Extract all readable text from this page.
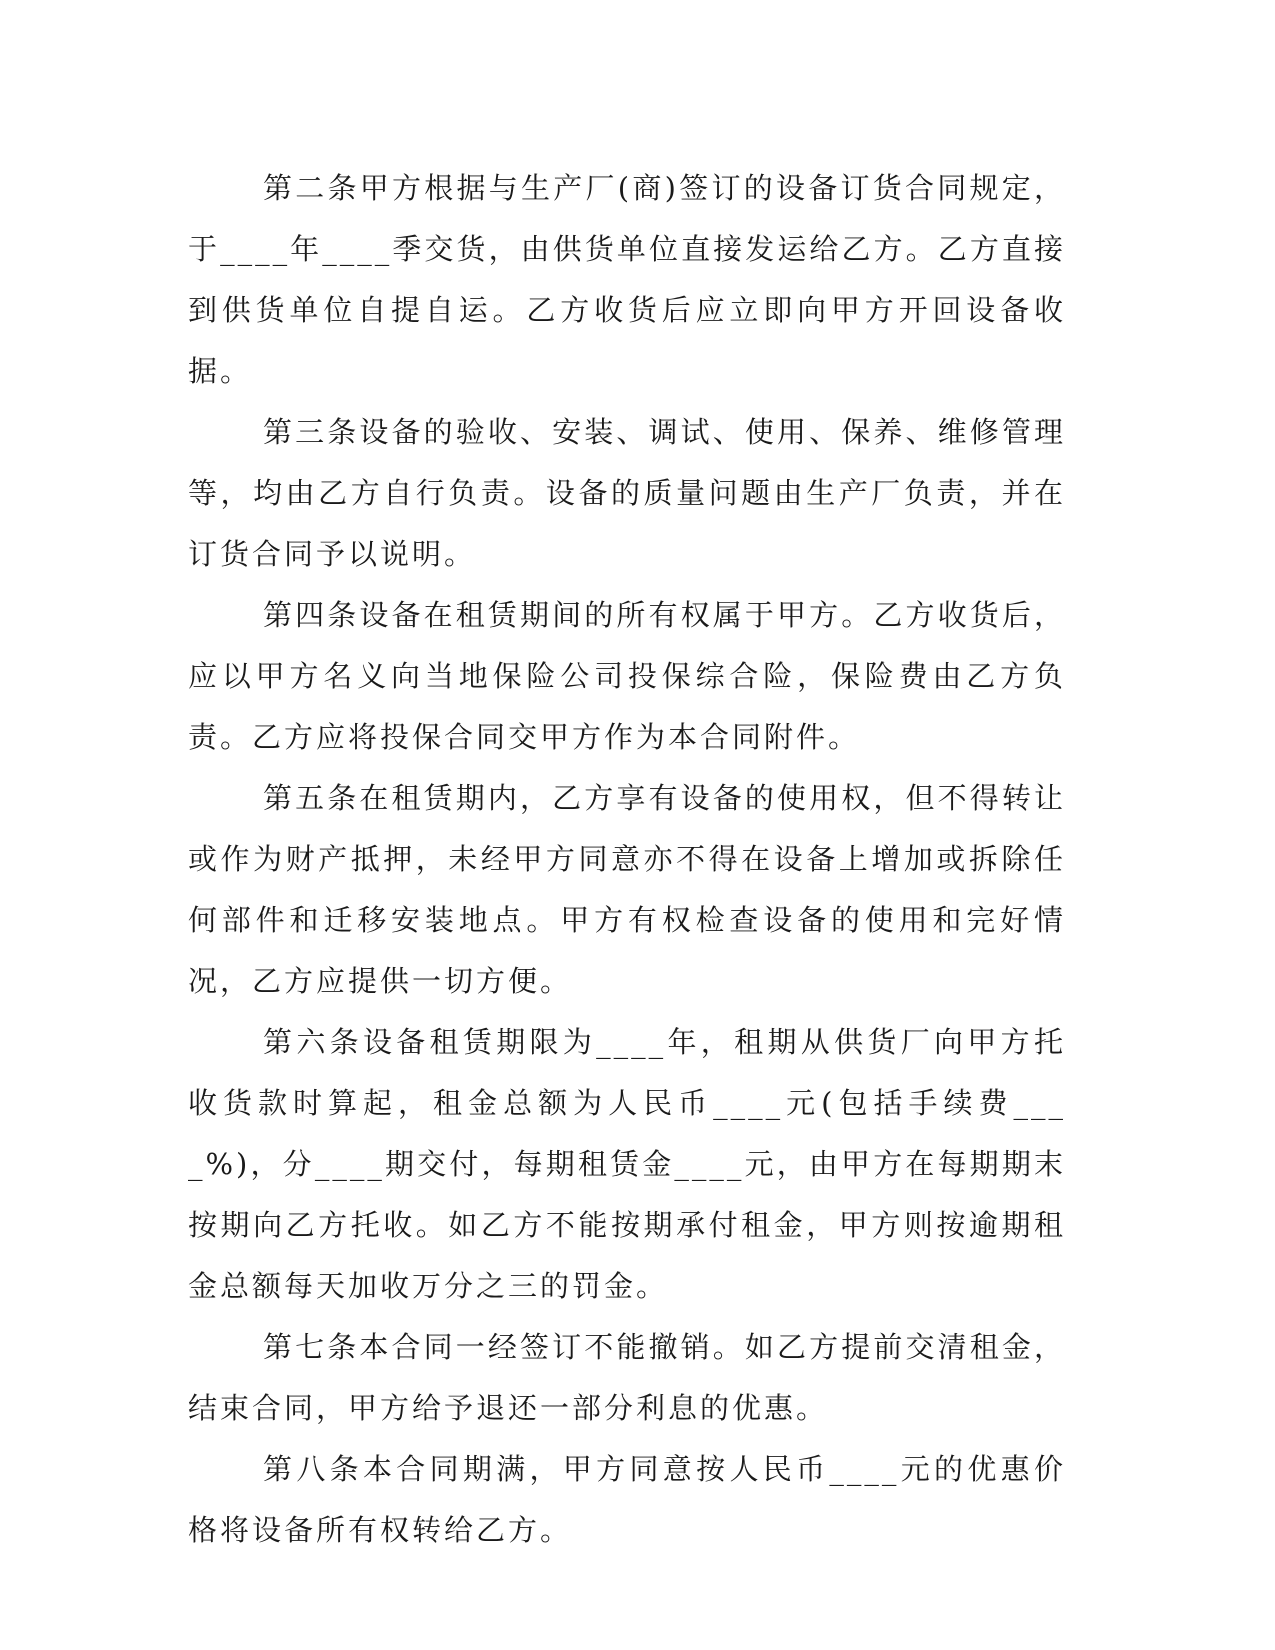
第二条甲方根据与生产厂(商)签订的设备订货合同规定，于____年____季交货，由供货单位直接发运给乙方。乙方直接到供货单位自提自运。乙方收货后应立即向甲方开回设备收据。

第三条设备的验收、安装、调试、使用、保养、维修管理等，均由乙方自行负责。设备的质量问题由生产厂负责，并在订货合同予以说明。

第四条设备在租赁期间的所有权属于甲方。乙方收货后，应以甲方名义向当地保险公司投保综合险，保险费由乙方负责。乙方应将投保合同交甲方作为本合同附件。

第五条在租赁期内，乙方享有设备的使用权，但不得转让或作为财产抵押，未经甲方同意亦不得在设备上增加或拆除任何部件和迁移安装地点。甲方有权检查设备的使用和完好情况，乙方应提供一切方便。

第六条设备租赁期限为____年，租期从供货厂向甲方托收货款时算起，租金总额为人民币____元(包括手续费____%)，分____期交付，每期租赁金____元，由甲方在每期期末按期向乙方托收。如乙方不能按期承付租金，甲方则按逾期租金总额每天加收万分之三的罚金。

第七条本合同一经签订不能撤销。如乙方提前交清租金，结束合同，甲方给予退还一部分利息的优惠。

第八条本合同期满，甲方同意按人民币____元的优惠价格将设备所有权转给乙方。
